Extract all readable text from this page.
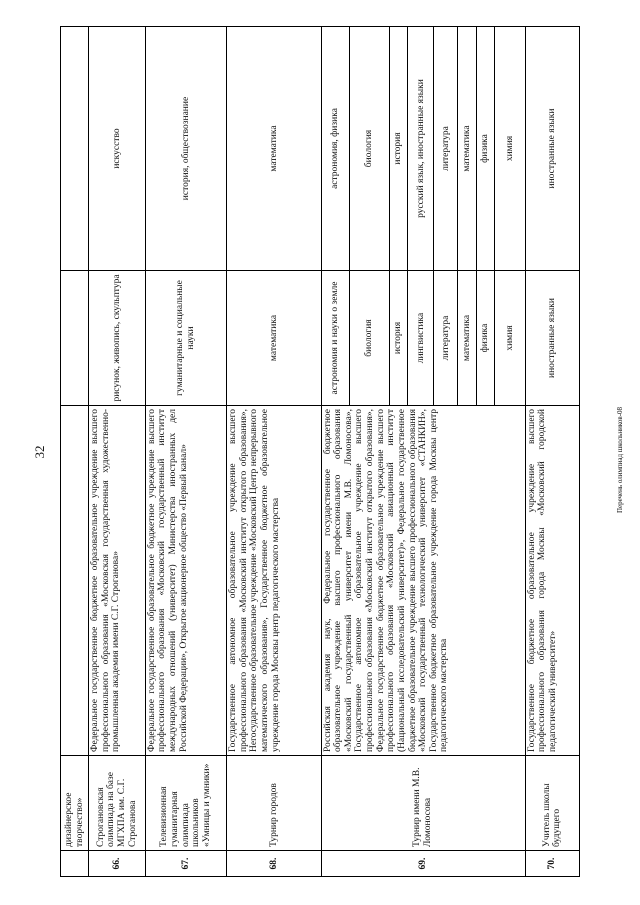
32
	дизайнерское творчество»			
66.	Строгановская олимпиада на базе МГХПА им. С.Г. Строганова	Федеральное государственное бюджетное образовательное учреждение высшего профессионального образования «Московская государственная художественно-промышленная академия имени С.Г. Строганова»	рисунок, живопись, скульптура	искусство
67.	Телевизионная гуманитарная олимпиада школьников «Умницы и умники»	Федеральное государственное образовательное бюджетное учреждение высшего профессионального образования «Московский государственный институт международных отношений (университет) Министерства иностранных дел Российской Федерации», Открытое акционерное общество «Первый канал»	гуманитарные и социальные науки	история, обществознание
68.	Турнир городов	Государственное автономное образовательное учреждение высшего профессионального образования «Московский институт открытого образования», Негосударственное образовательное учреждение «Московский Центр непрерывного математического образования», Государственное бюджетное образовательное учреждение города Москвы центр педагогического мастерства	математика	математика
69.	Турнир имени М.В. Ломоносова	Российская академия наук, Федеральное государственное бюджетное образовательное учреждение высшего профессионального образования «Московский государственный университет имени М.В. Ломоносова», Государственное автономное образовательное учреждение высшего профессионального образования «Московский институт открытого образования», Федеральное государственное бюджетное образовательное учреждение высшего профессионального образования «Московский авиационный институт (Национальный исследовательский университет)», Федеральное государственное бюджетное образовательное учреждение высшего профессионального образования «Московский государственный технологический университет «СТАНКИН», Государственное бюджетное образовательное учреждение города Москвы центр педагогического мастерства	астрономия и науки о земле	астрономия, физика
			биология	биология
			история	история
			лингвистика	русский язык, иностранные языки
			литература	литература
			математика	математика
			физика	физика
			химия	химия
70.	Учитель школы будущего	Государственное бюджетное образовательное учреждение высшего профессионального образования города Москвы «Московский городской педагогический университет»	иностранные языки	иностранные языки
Перечень олимпиад школьников-08
